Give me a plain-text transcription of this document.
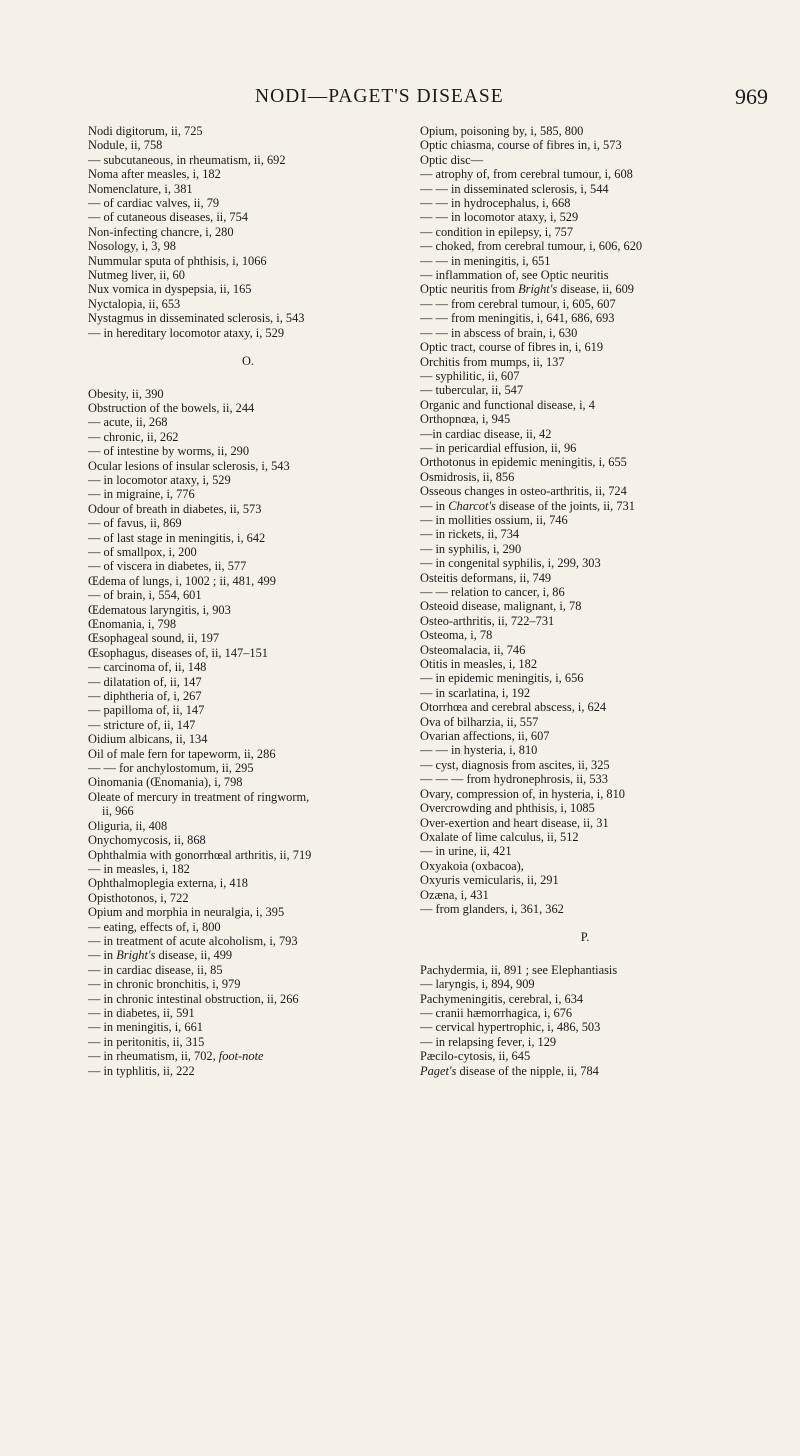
NODI—PAGET'S DISEASE	969
Nodi digitorum, ii, 725
Nodule, ii, 758
— subcutaneous, in rheumatism, ii, 692
Noma after measles, i, 182
Nomenclature, i, 381
— of cardiac valves, ii, 79
— of cutaneous diseases, ii, 754
Non-infecting chancre, i, 280
Nosology, i, 3, 98
Nummular sputa of phthisis, i, 1066
Nutmeg liver, ii, 60
Nux vomica in dyspepsia, ii, 165
Nyctalopia, ii, 653
Nystagmus in disseminated sclerosis, i, 543
— in hereditary locomotor ataxy, i, 529
O.
Obesity, ii, 390
Obstruction of the bowels, ii, 244
— acute, ii, 268
— chronic, ii, 262
— of intestine by worms, ii, 290
Ocular lesions of insular sclerosis, i, 543
— in locomotor ataxy, i, 529
— in migraine, i, 776
Odour of breath in diabetes, ii, 573
— of favus, ii, 869
— of last stage in meningitis, i, 642
— of smallpox, i, 200
— of viscera in diabetes, ii, 577
Œdema of lungs, i, 1002 ; ii, 481, 499
— of brain, i, 554, 601
Œdematous laryngitis, i, 903
Œnomania, i, 798
Œsophageal sound, ii, 197
Œsophagus, diseases of, ii, 147–151
— carcinoma of, ii, 148
— dilatation of, ii, 147
— diphtheria of, i, 267
— papilloma of, ii, 147
— stricture of, ii, 147
Oidium albicans, ii, 134
Oil of male fern for tapeworm, ii, 286
— — for anchylostomum, ii, 295
Oinomania (Œnomania), i, 798
Oleate of mercury in treatment of ringworm,
ii, 966
Oliguria, ii, 408
Onychomycosis, ii, 868
Ophthalmia with gonorrhœal arthritis, ii, 719
— in measles, i, 182
Ophthalmoplegia externa, i, 418
Opisthotonos, i, 722
Opium and morphia in neuralgia, i, 395
— eating, effects of, i, 800
— in treatment of acute alcoholism, i, 793
— in Bright's disease, ii, 499
— in cardiac disease, ii, 85
— in chronic bronchitis, i, 979
— in chronic intestinal obstruction, ii, 266
— in diabetes, ii, 591
— in meningitis, i, 661
— in peritonitis, ii, 315
— in rheumatism, ii, 702, foot-note
— in typhlitis, ii, 222
Opium, poisoning by, i, 585, 800
Optic chiasma, course of fibres in, i, 573
Optic disc—
— atrophy of, from cerebral tumour, i, 608
— — in disseminated sclerosis, i, 544
— — in hydrocephalus, i, 668
— — in locomotor ataxy, i, 529
— condition in epilepsy, i, 757
— choked, from cerebral tumour, i, 606, 620
— — in meningitis, i, 651
— inflammation of, see Optic neuritis
Optic neuritis from Bright's disease, ii, 609
— — from cerebral tumour, i, 605, 607
— — from meningitis, i, 641, 686, 693
— — in abscess of brain, i, 630
Optic tract, course of fibres in, i, 619
Orchitis from mumps, ii, 137
— syphilitic, ii, 607
— tubercular, ii, 547
Organic and functional disease, i, 4
Orthopnœa, i, 945
—in cardiac disease, ii, 42
— in pericardial effusion, ii, 96
Orthotonus in epidemic meningitis, i, 655
Osmidrosis, ii, 856
Osseous changes in osteo-arthritis, ii, 724
— in Charcot's disease of the joints, ii, 731
— in mollities ossium, ii, 746
— in rickets, ii, 734
— in syphilis, i, 290
— in congenital syphilis, i, 299, 303
Osteitis deformans, ii, 749
— — relation to cancer, i, 86
Osteoid disease, malignant, i, 78
Osteo-arthritis, ii, 722–731
Osteoma, i, 78
Osteomalacia, ii, 746
Otitis in measles, i, 182
— in epidemic meningitis, i, 656
— in scarlatina, i, 192
Otorrhœa and cerebral abscess, i, 624
Ova of bilharzia, ii, 557
Ovarian affections, ii, 607
— — in hysteria, i, 810
— cyst, diagnosis from ascites, ii, 325
— — — from hydronephrosis, ii, 533
Ovary, compression of, in hysteria, i, 810
Overcrowding and phthisis, i, 1085
Over-exertion and heart disease, ii, 31
Oxalate of lime calculus, ii, 512
— in urine, ii, 421
Oxyakoia (oxbacoa),
Oxyuris vemicularis, ii, 291
Ozæna, i, 431
— from glanders, i, 361, 362
P.
Pachydermia, ii, 891 ; see Elephantiasis
— laryngis, i, 894, 909
Pachymeningitis, cerebral, i, 634
— cranii hæmorrhagica, i, 676
— cervical hypertrophic, i, 486, 503
— in relapsing fever, i, 129
Pæcilo-cytosis, ii, 645
Paget's disease of the nipple, ii, 784
